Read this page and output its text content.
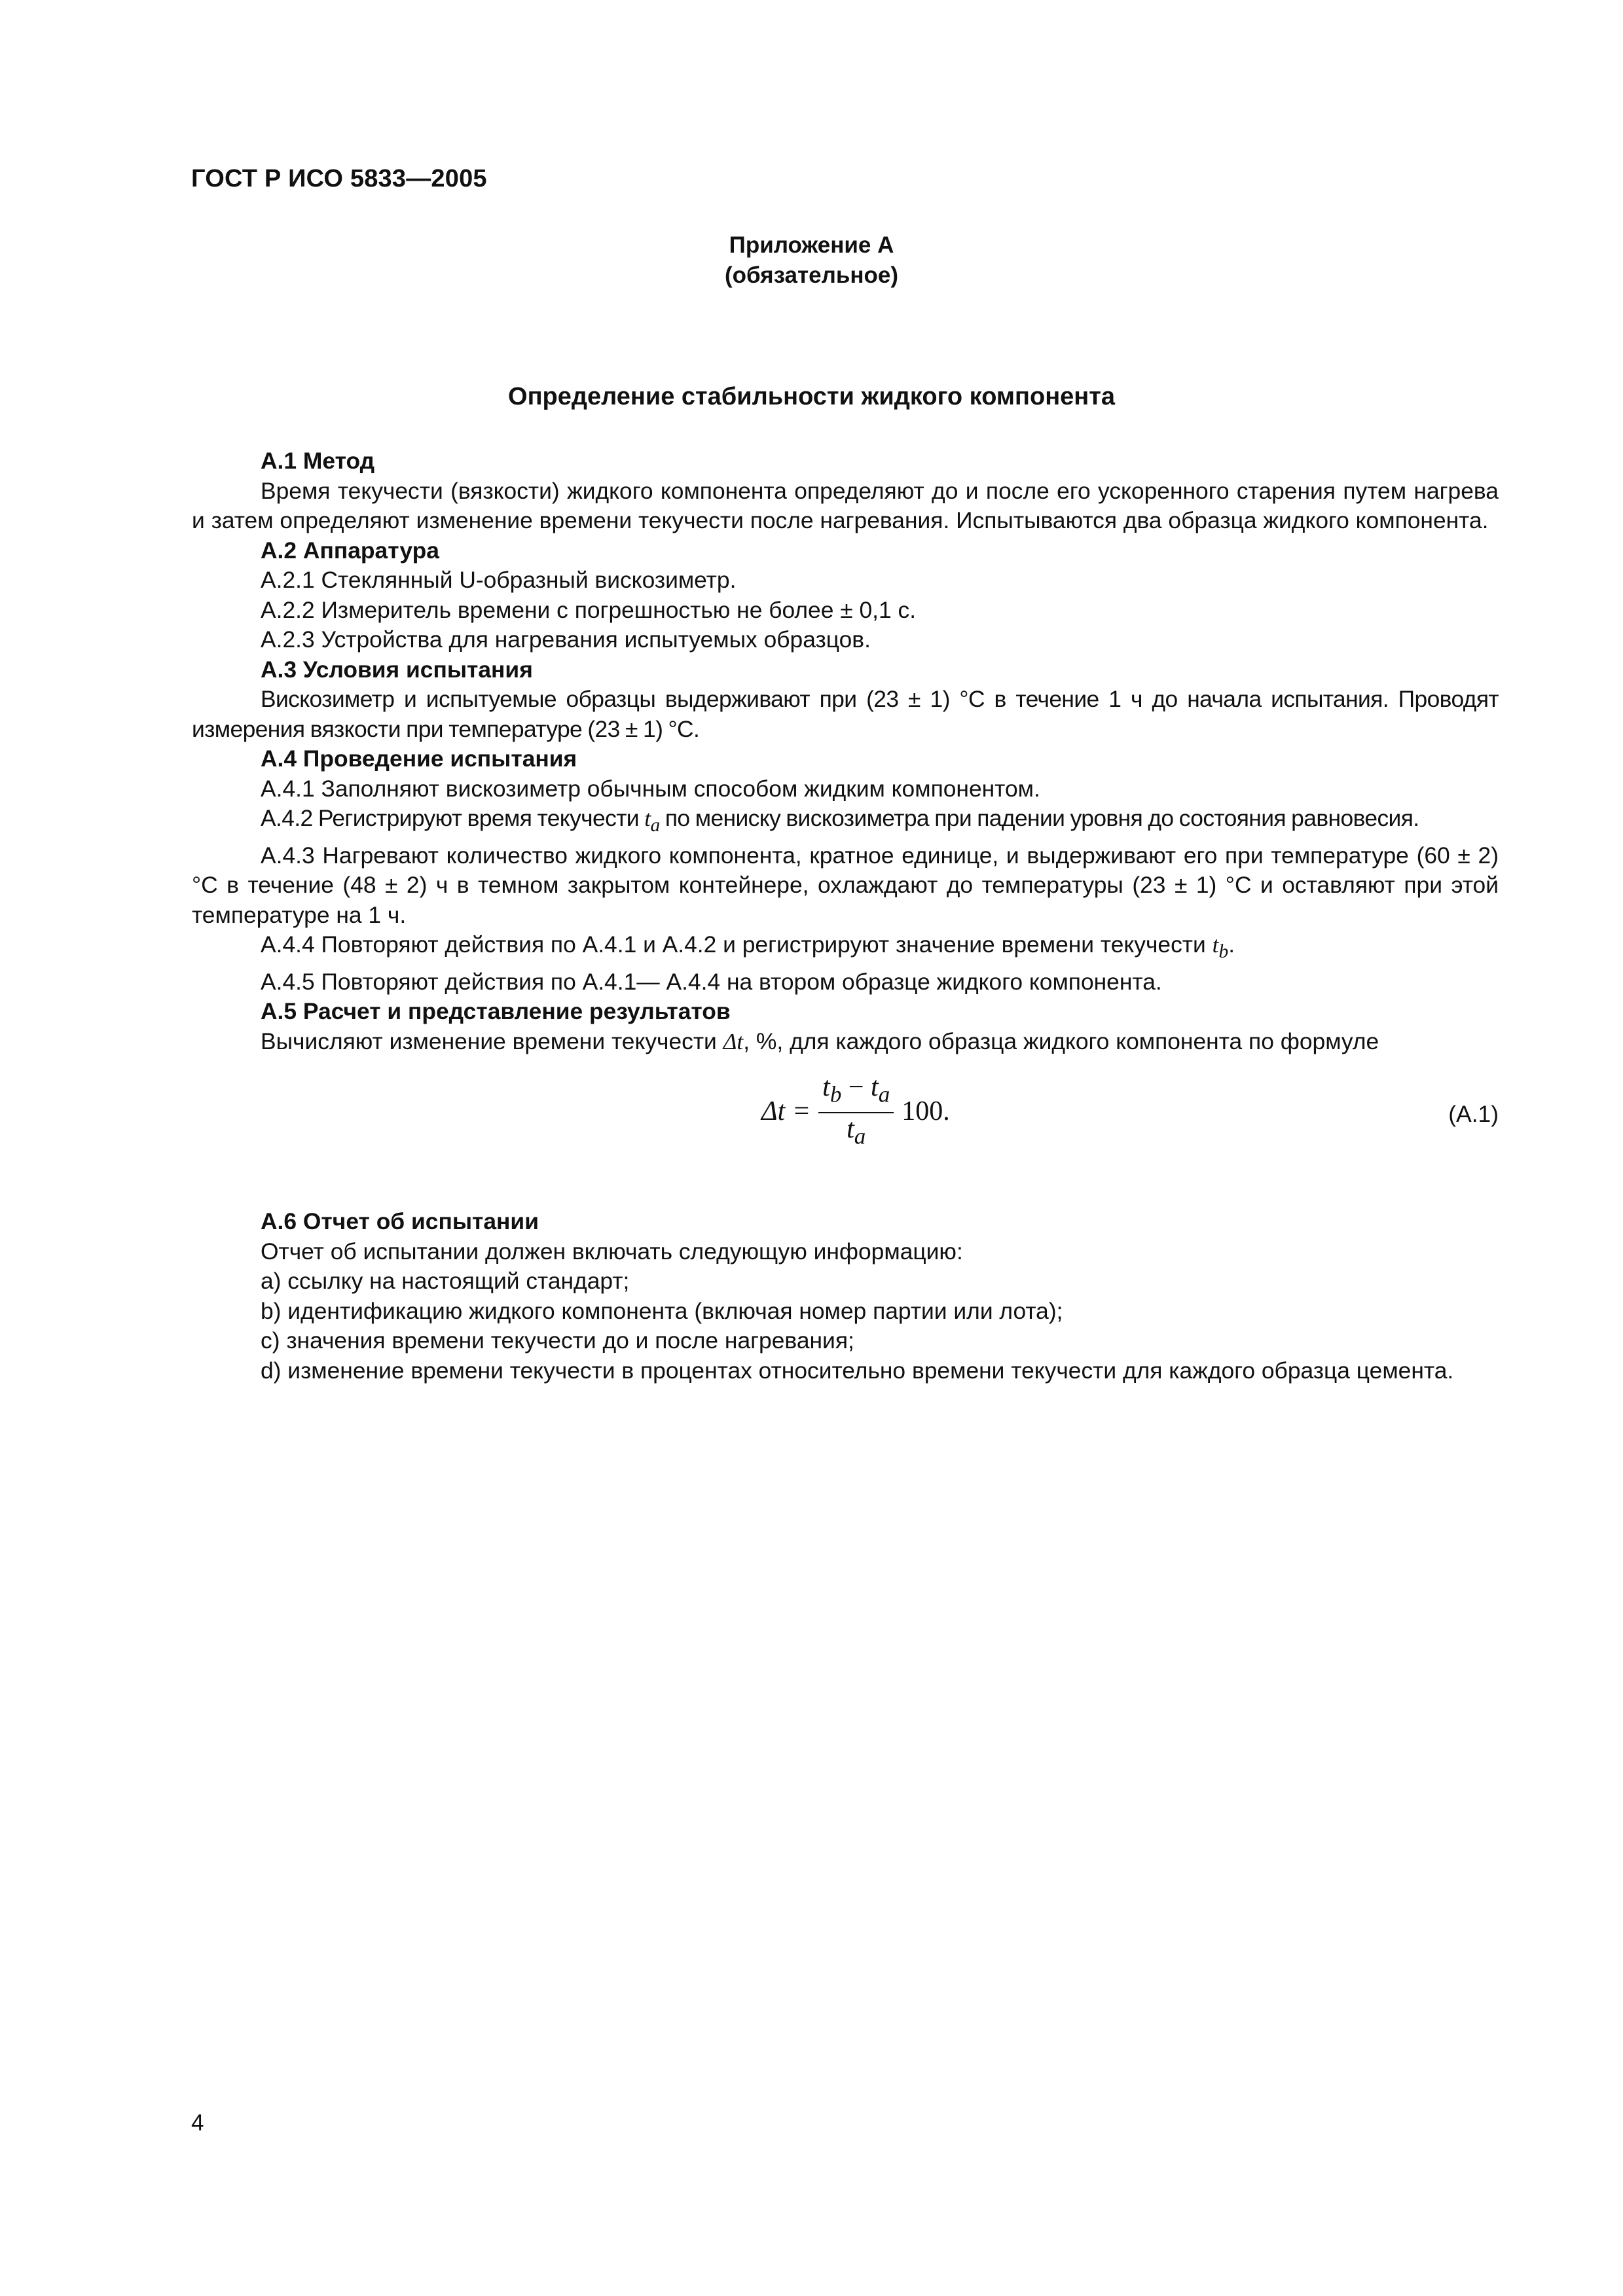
ГОСТ Р ИСО 5833—2005
Приложение А
(обязательное)
Определение стабильности жидкого компонента

А.1 Метод

Время текучести (вязкости) жидкого компонента определяют до и после его ускоренного старения путем нагрева и затем определяют изменение времени текучести после нагревания. Испытываются два образца жидкого компонента.

А.2 Аппаратура

А.2.1 Стеклянный U-образный вискозиметр.

А.2.2 Измеритель времени с погрешностью не более ± 0,1 с.

А.2.3 Устройства для нагревания испытуемых образцов.

А.3 Условия испытания

Вискозиметр и испытуемые образцы выдерживают при (23 ± 1) °С в течение 1 ч до начала испытания. Проводят измерения вязкости при температуре (23 ± 1) °С.

А.4 Проведение испытания

А.4.1 Заполняют вискозиметр обычным способом жидким компонентом.

А.4.2 Регистрируют время текучести $t_a$ по мениску вискозиметра при падении уровня до состояния равновесия.

А.4.3 Нагревают количество жидкого компонента, кратное единице, и выдерживают его при температуре (60 ± 2) °С в течение (48 ± 2) ч в темном закрытом контейнере, охлаждают до температуры (23 ± 1) °С и оставляют при этой температуре на 1 ч.

А.4.4 Повторяют действия по А.4.1 и А.4.2 и регистрируют значение времени текучести $t_b$.

А.4.5 Повторяют действия по А.4.1— А.4.4 на втором образце жидкого компонента.

А.5 Расчет и представление результатов

Вычисляют изменение времени текучести Δt, %, для каждого образца жидкого компонента по формуле

$\Delta t = \frac{t_b - t_a}{t_a} 100$.	(А.1)

А.6 Отчет об испытании

Отчет об испытании должен включать следующую информацию:

а) ссылку на настоящий стандарт;

b) идентификацию жидкого компонента (включая номер партии или лота);

с) значения времени текучести до и после нагревания;

d) изменение времени текучести в процентах относительно времени текучести для каждого образца цемента.

4
